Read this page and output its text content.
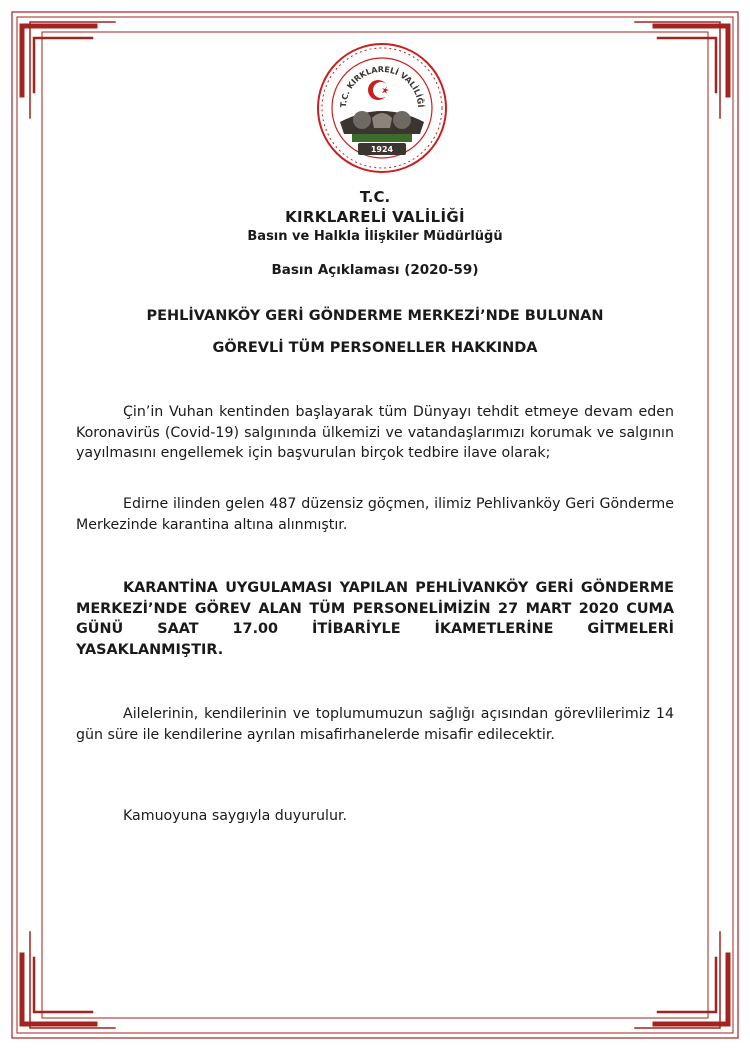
T.C. KIRKLARELİ VALİLİĞİ
1924
T.C.
KIRKLARELİ VALİLİĞİ
Basın ve Halkla İlişkiler Müdürlüğü
Basın Açıklaması (2020-59)
PEHLİVANKÖY GERİ GÖNDERME MERKEZİ’NDE BULUNAN
GÖREVLİ TÜM PERSONELLER HAKKINDA
Çin’in Vuhan kentinden başlayarak tüm Dünyayı tehdit etmeye devam eden Koronavirüs (Covid-19) salgınında ülkemizi ve vatandaşlarımızı korumak ve salgının yayılmasını engellemek için başvurulan birçok tedbire ilave olarak;
Edirne ilinden gelen 487 düzensiz göçmen, ilimiz Pehlivanköy Geri Gönderme Merkezinde karantina altına alınmıştır.
KARANTİNA UYGULAMASI YAPILAN PEHLİVANKÖY GERİ GÖNDERME MERKEZİ’NDE GÖREV ALAN TÜM PERSONELİMİZİN 27 MART 2020 CUMA GÜNÜ SAAT 17.00 İTİBARİYLE İKAMETLERİNE GİTMELERİ YASAKLANMIŞTIR.
Ailelerinin, kendilerinin ve toplumumuzun sağlığı açısından görevlilerimiz 14 gün süre ile kendilerine ayrılan misafirhanelerde misafir edilecektir.
Kamuoyuna saygıyla duyurulur.
